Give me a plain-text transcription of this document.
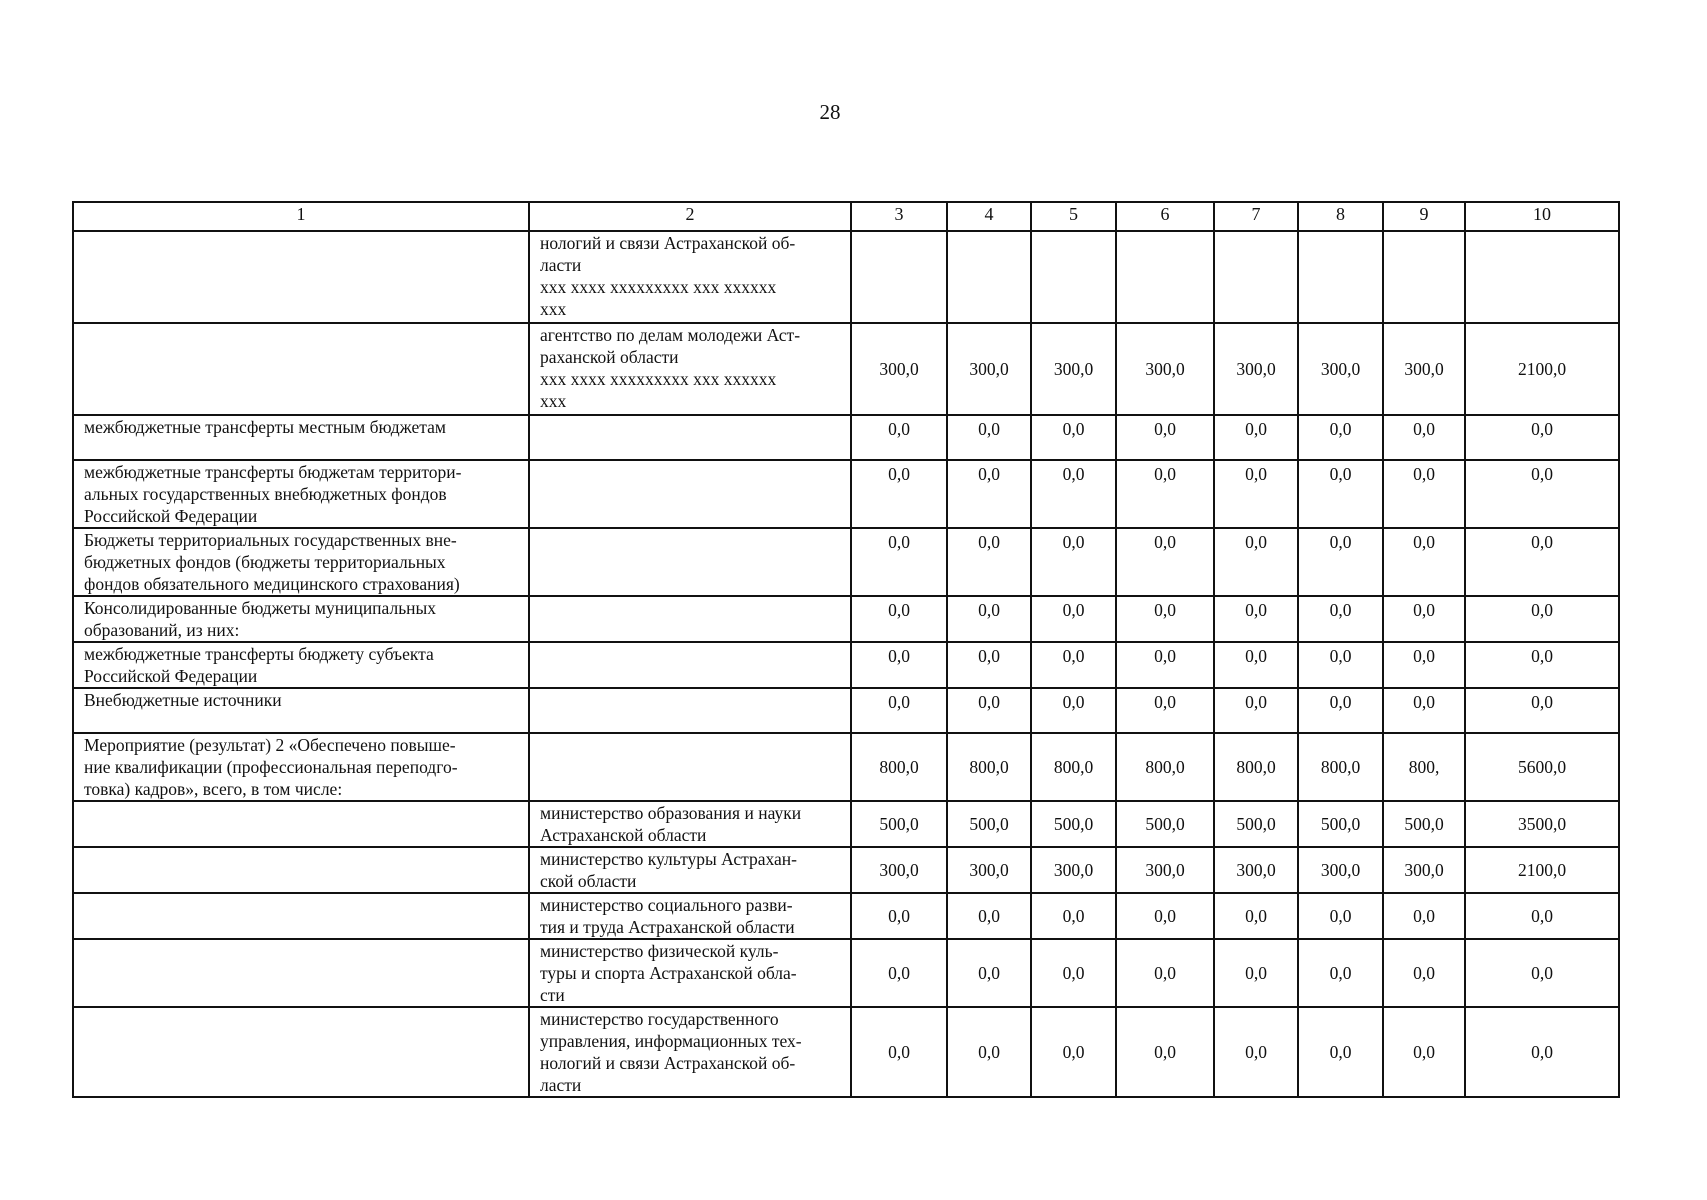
28
1	2	3	4	5	6	7	8	9	10
	нологий и связи Астраханской об-
ласти
ххх хххх ххххххххх ххх хххххх
ххх								
	агентство по делам молодежи Аст-
раханской области
ххх хххх ххххххххх ххх хххххх
ххх	300,0	300,0	300,0	300,0	300,0	300,0	300,0	2100,0
межбюджетные трансферты местным бюджетам		0,0	0,0	0,0	0,0	0,0	0,0	0,0	0,0
межбюджетные трансферты бюджетам территори-
альных государственных внебюджетных фондов
Российской Федерации		0,0	0,0	0,0	0,0	0,0	0,0	0,0	0,0
Бюджеты территориальных государственных вне-
бюджетных фондов (бюджеты территориальных
фондов обязательного медицинского страхования)		0,0	0,0	0,0	0,0	0,0	0,0	0,0	0,0
Консолидированные бюджеты муниципальных
образований, из них:		0,0	0,0	0,0	0,0	0,0	0,0	0,0	0,0
межбюджетные трансферты бюджету субъекта
Российской Федерации		0,0	0,0	0,0	0,0	0,0	0,0	0,0	0,0
Внебюджетные источники		0,0	0,0	0,0	0,0	0,0	0,0	0,0	0,0
Мероприятие (результат) 2 «Обеспечено повыше-
ние квалификации (профессиональная переподго-
товка) кадров», всего, в том числе:		800,0	800,0	800,0	800,0	800,0	800,0	800,	5600,0
	министерство образования и науки
Астраханской области	500,0	500,0	500,0	500,0	500,0	500,0	500,0	3500,0
	министерство культуры Астрахан-
ской области	300,0	300,0	300,0	300,0	300,0	300,0	300,0	2100,0
	министерство социального разви-
тия и труда Астраханской области	0,0	0,0	0,0	0,0	0,0	0,0	0,0	0,0
	министерство физической куль-
туры и спорта Астраханской обла-
сти	0,0	0,0	0,0	0,0	0,0	0,0	0,0	0,0
	министерство государственного
управления, информационных тех-
нологий и связи Астраханской об-
ласти	0,0	0,0	0,0	0,0	0,0	0,0	0,0	0,0
